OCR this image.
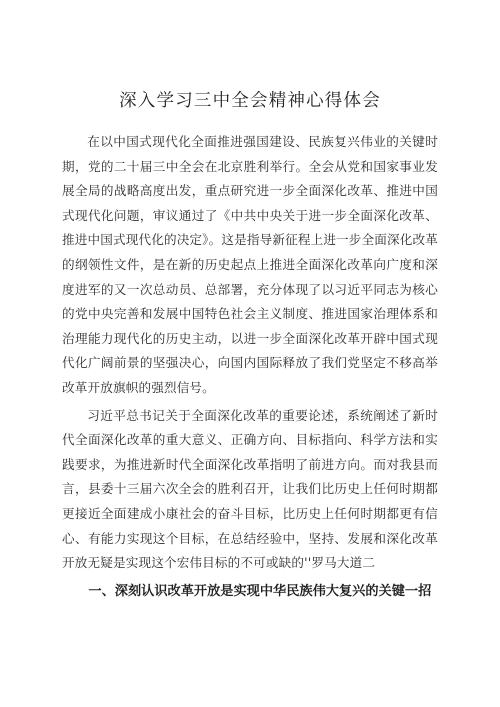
深入学习三中全会精神心得体会

在以中国式现代化全面推进强国建设、民族复兴伟业的关键时期，党的二十届三中全会在北京胜利举行。全会从党和国家事业发展全局的战略高度出发，重点研究进一步全面深化改革、推进中国式现代化问题，审议通过了《中共中央关于进一步全面深化改革、推进中国式现代化的决定》。这是指导新征程上进一步全面深化改革的纲领性文件，是在新的历史起点上推进全面深化改革向广度和深度进军的又一次总动员、总部署，充分体现了以习近平同志为核心的党中央完善和发展中国特色社会主义制度、推进国家治理体系和治理能力现代化的历史主动，以进一步全面深化改革开辟中国式现代化广阔前景的坚强决心，向国内国际释放了我们党坚定不移高举改革开放旗帜的强烈信号。

习近平总书记关于全面深化改革的重要论述，系统阐述了新时代全面深化改革的重大意义、正确方向、目标指向、科学方法和实践要求，为推进新时代全面深化改革指明了前进方向。而对我县而言，县委十三届六次全会的胜利召开，让我们比历史上任何时期都更接近全面建成小康社会的奋斗目标，比历史上任何时期都更有信心、有能力实现这个目标，在总结经验中，坚持、发展和深化改革开放无疑是实现这个宏伟目标的不可或缺的''罗马大道二

一、深刻认识改革开放是实现中华民族伟大复兴的关键一招
